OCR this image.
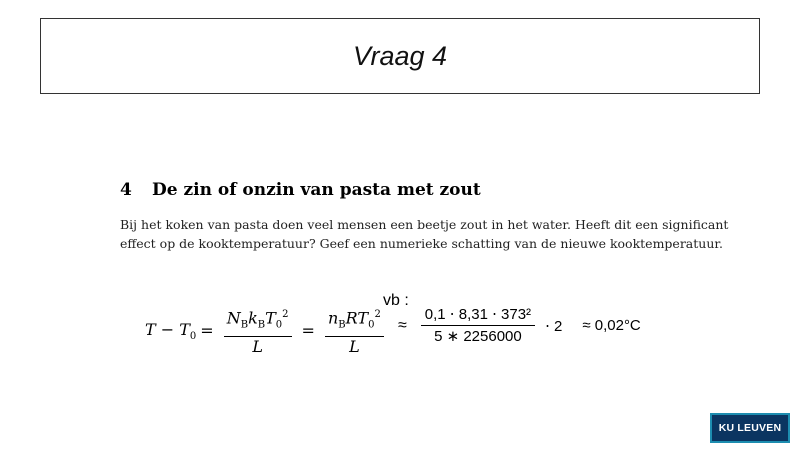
Vraag 4
4 De zin of onzin van pasta met zout
Bij het koken van pasta doen veel mensen een beetje zout in het water. Heeft dit een significant
effect op de kooktemperatuur? Geef een numerieke schatting van de nieuwe kooktemperatuur.
$T - T_0 = \frac{N_Bk_BT_0^2}{L} = \frac{n_BRT_0^2}{L}$
vb :
≈ $\frac{\text{0,1 ⋅ 8,31 ⋅ 373²}}{5 ∗ 2256000} \cdot 2 \approx 0,02^\circ C$
KU LEUVEN
